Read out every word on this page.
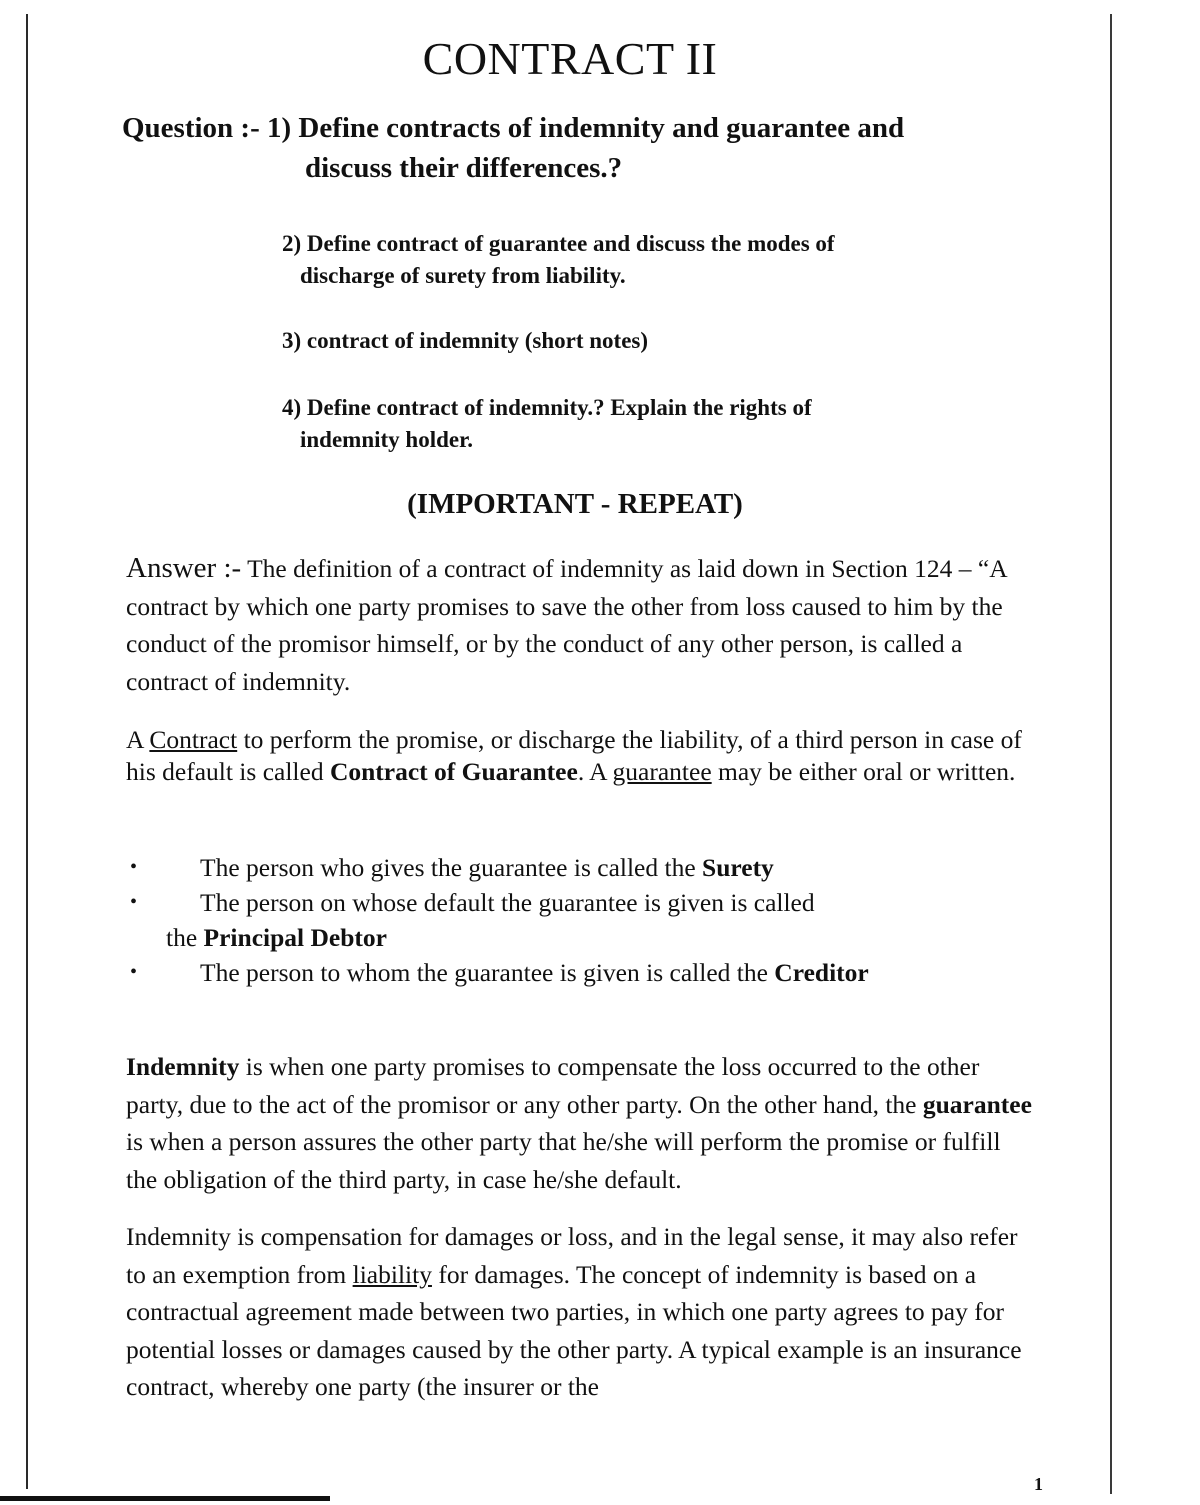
CONTRACT II
Question :- 1) Define contracts of indemnity and guarantee and
discuss their differences.?
2) Define contract of guarantee and discuss the modes of
discharge of surety from liability.
3) contract of indemnity (short notes)
4) Define contract of indemnity.? Explain the rights of
indemnity holder.
(IMPORTANT - REPEAT)
Answer :- The definition of a contract of indemnity as laid down in Section 124 – “A contract by which one party promises to save the other from loss caused to him by the conduct of the promisor himself, or by the conduct of any other person, is called a contract of indemnity.
A Contract to perform the promise, or discharge the liability, of a third person in case of his default is called Contract of Guarantee. A guarantee may be either oral or written.
• The person who gives the guarantee is called the Surety
• The person on whose default the guarantee is given is called
the Principal Debtor
• The person to whom the guarantee is given is called the Creditor
Indemnity is when one party promises to compensate the loss occurred to the other party, due to the act of the promisor or any other party. On the other hand, the guarantee is when a person assures the other party that he/she will perform the promise or fulfill the obligation of the third party, in case he/she default.
Indemnity is compensation for damages or loss, and in the legal sense, it may also refer to an exemption from liability for damages. The concept of indemnity is based on a contractual agreement made between two parties, in which one party agrees to pay for potential losses or damages caused by the other party. A typical example is an insurance contract, whereby one party (the insurer or the
1
